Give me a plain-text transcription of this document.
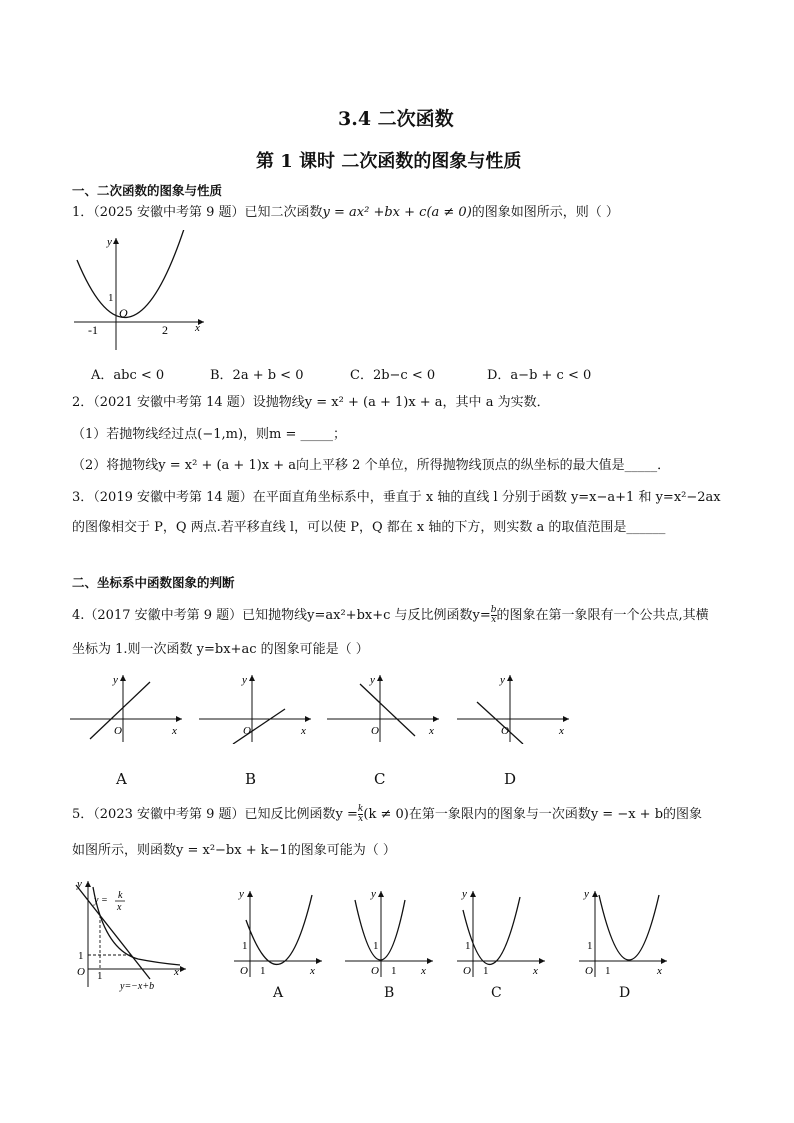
3.4 二次函数
第 1 课时 二次函数的图象与性质
一、二次函数的图象与性质
1．（2025 安徽中考第 9 题）已知二次函数y = ax² +bx + c(a ≠ 0)的图象如图所示，则（ ）
y
1
O
-1	2 x
A．abc < 0	B．2a + b < 0	C．2b−c < 0	D．a−b + c < 0
2．（2021 安徽中考第 14 题）设抛物线y = x² + (a + 1)x + a，其中 a 为实数．
（1）若抛物线经过点(−1,m)，则m = _____；
（2）将抛物线y = x² + (a + 1)x + a向上平移 2 个单位，所得抛物线顶点的纵坐标的最大值是_____．
3．（2019 安徽中考第 14 题）在平面直角坐标系中，垂直于 x 轴的直线 l 分别于函数 y=x−a+1 和 y=x²−2ax
的图像相交于 P，Q 两点.若平移直线 l，可以使 P，Q 都在 x 轴的下方，则实数 a 的取值范围是______
二、坐标系中函数图象的判断
4.（2017 安徽中考第 9 题）已知抛物线y=ax²+bx+c 与反比例函数$y= \frac{b}{x}$ 的图象在第一象限有一个公共点,其横
坐标为 1.则一次函数 y=bx+ac 的图象可能是（ ）
y
O	x
A
y
O	x
B
y
O	x
C
y
O	x
D
5．（2023 安徽中考第 9 题）已知反比例函数$y = \frac{k}{x} (k \ne 0)$在第一象限内的图象与一次函数y = −x + b的图象
如图所示，则函数y = x²−bx + k−1的图象可能为（ ）
y
y = k
x
1
O 1	x
y=−x+b
y
1
O 1	x
A
y
1
O 1 x
B
y
1
O 1	x
C
y
1
O 1	x
D
